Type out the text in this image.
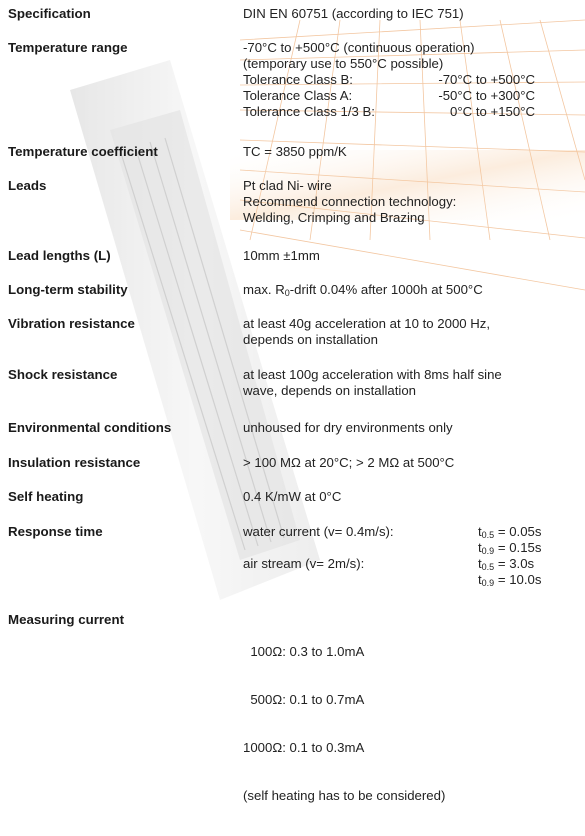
Specification	DIN EN 60751 (according to IEC 751)
Temperature range	-70°C to +500°C (continuous operation)
(temporary use to 550°C possible)
Tolerance Class B:	-70°C to +500°C
Tolerance Class A:	-50°C to +300°C
Tolerance Class 1/3 B:	0°C to +150°C
Temperature coefficient	TC = 3850 ppm/K
Leads	Pt clad Ni- wire
Recommend connection technology:
Welding, Crimping and Brazing
Lead lengths (L)	10mm ±1mm
Long-term stability	max. $R_0$-drift 0.04% after 1000h at 500°C
Vibration resistance	at least 40g acceleration at 10 to 2000 Hz,
depends on installation
Shock resistance	at least 100g acceleration with 8ms half sine
wave, depends on installation
Environmental conditions	unhoused for dry environments only
Insulation resistance	> 100 MΩ at 20°C; > 2 MΩ at 500°C
Self heating	0.4 K/mW at 0°C
Response time	water current (v= 0.4m/s):	$t_{0.5} = 0.05s$
$t_{0.9} = 0.15s$
air stream (v= 2m/s):	$t_{0.5} = 3.0s$
$t_{0.9} = 10.0s$
Measuring current

100Ω: 0.3 to 1.0mA

500Ω: 0.1 to 0.7mA

1000Ω: 0.1 to 0.3mA

(self heating has to be considered)
